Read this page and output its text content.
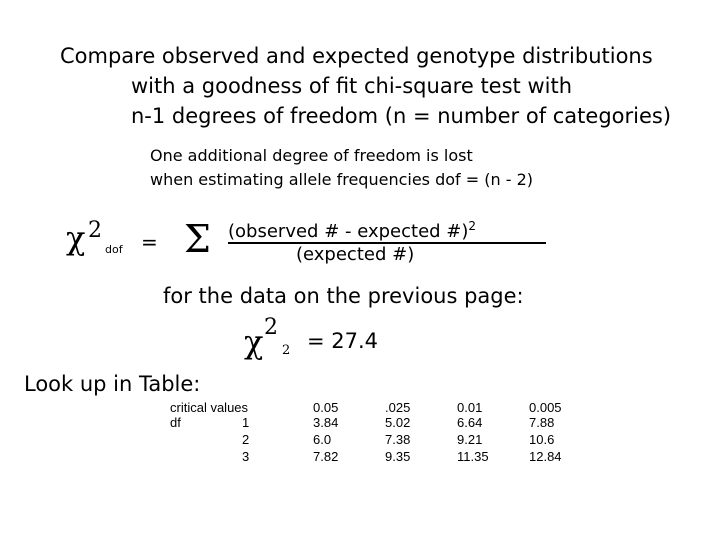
Compare observed and expected genotype distributions
with a goodness of fit chi-square test with
n-1 degrees of freedom (n = number of categories)
One additional degree of freedom is lost
when estimating allele frequencies dof = (n - 2)
χ 2
dof = Σ (observed # - expected #)$^2$
(expected #)
for the data on the previous page:
χ 2
2 = 27.4
Look up in Table:
critical values
df	1
2
3
0.05
3.84
6.0
7.82
.025
5.02
7.38
9.35
0.01
6.64
9.21
11.35
0.005
7.88
10.6
12.84
